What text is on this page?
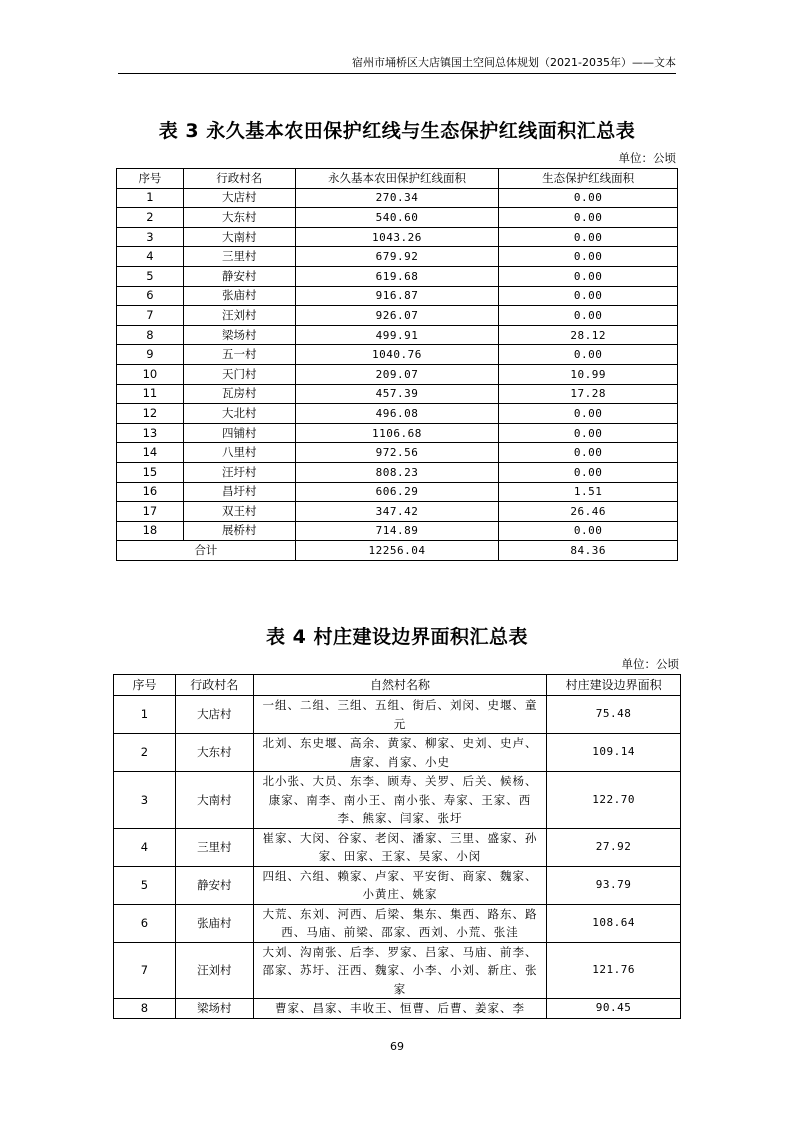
宿州市埇桥区大店镇国土空间总体规划（2021-2035年）——文本
表 3 永久基本农田保护红线与生态保护红线面积汇总表
单位：公顷
序号	行政村名	永久基本农田保护红线面积	生态保护红线面积
1	大店村	270.34	0.00
2	大东村	540.60	0.00
3	大南村	1043.26	0.00
4	三里村	679.92	0.00
5	静安村	619.68	0.00
6	张庙村	916.87	0.00
7	汪刘村	926.07	0.00
8	梁场村	499.91	28.12
9	五一村	1040.76	0.00
10	天门村	209.07	10.99
11	瓦房村	457.39	17.28
12	大北村	496.08	0.00
13	四铺村	1106.68	0.00
14	八里村	972.56	0.00
15	汪圩村	808.23	0.00
16	昌圩村	606.29	1.51
17	双王村	347.42	26.46
18	展桥村	714.89	0.00
合计		12256.04	84.36
表 4 村庄建设边界面积汇总表
单位：公顷
序号	行政村名	自然村名称	村庄建设边界面积
1	大店村	一组、二组、三组、五组、街后、刘闵、史堰、童元	75.48
2	大东村	北刘、东史堰、高余、黄家、柳家、史刘、史卢、唐家、肖家、小史	109.14
3	大南村	北小张、大员、东李、顾寿、关罗、后关、候杨、康家、南李、南小王、南小张、寿家、王家、西李、熊家、闫家、张圩	122.70
4	三里村	崔家、大闵、谷家、老闵、潘家、三里、盛家、孙家、田家、王家、吴家、小闵	27.92
5	静安村	四组、六组、赖家、卢家、平安街、商家、魏家、小黄庄、姚家	93.79
6	张庙村	大荒、东刘、河西、后梁、集东、集西、路东、路西、马庙、前梁、邵家、西刘、小荒、张洼	108.64
7	汪刘村	大刘、沟南张、后李、罗家、吕家、马庙、前李、邵家、苏圩、汪西、魏家、小李、小刘、新庄、张家	121.76
8	梁场村	曹家、昌家、丰收王、恒曹、后曹、姜家、李	90.45
69
